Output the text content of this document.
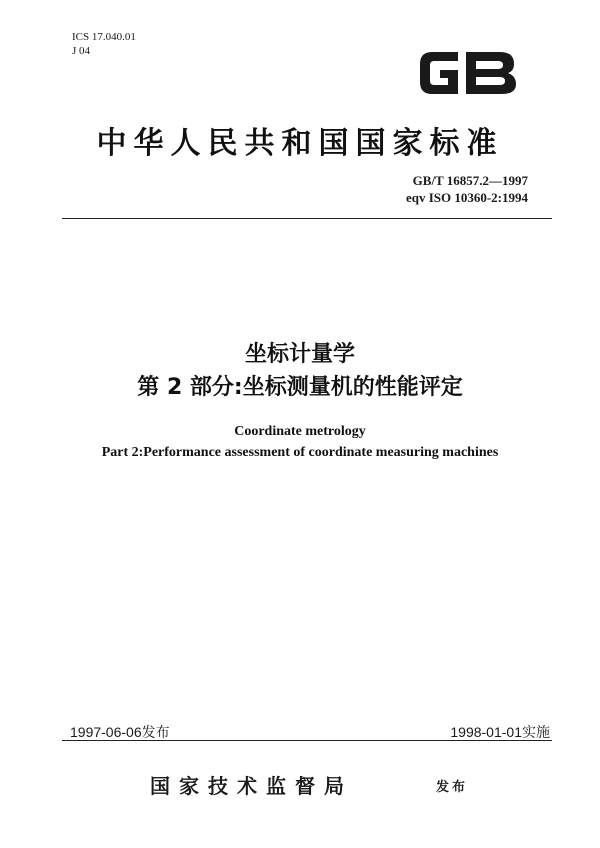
ICS 17.040.01
J 04
中华人民共和国国家标准
GB/T 16857.2—1997
eqv ISO 10360-2:1994
坐标计量学
第 2 部分:坐标测量机的性能评定
Coordinate metrology
Part 2:Performance assessment of coordinate measuring machines
1997-06-06发布	1998-01-01实施
国家技术监督局	发布
